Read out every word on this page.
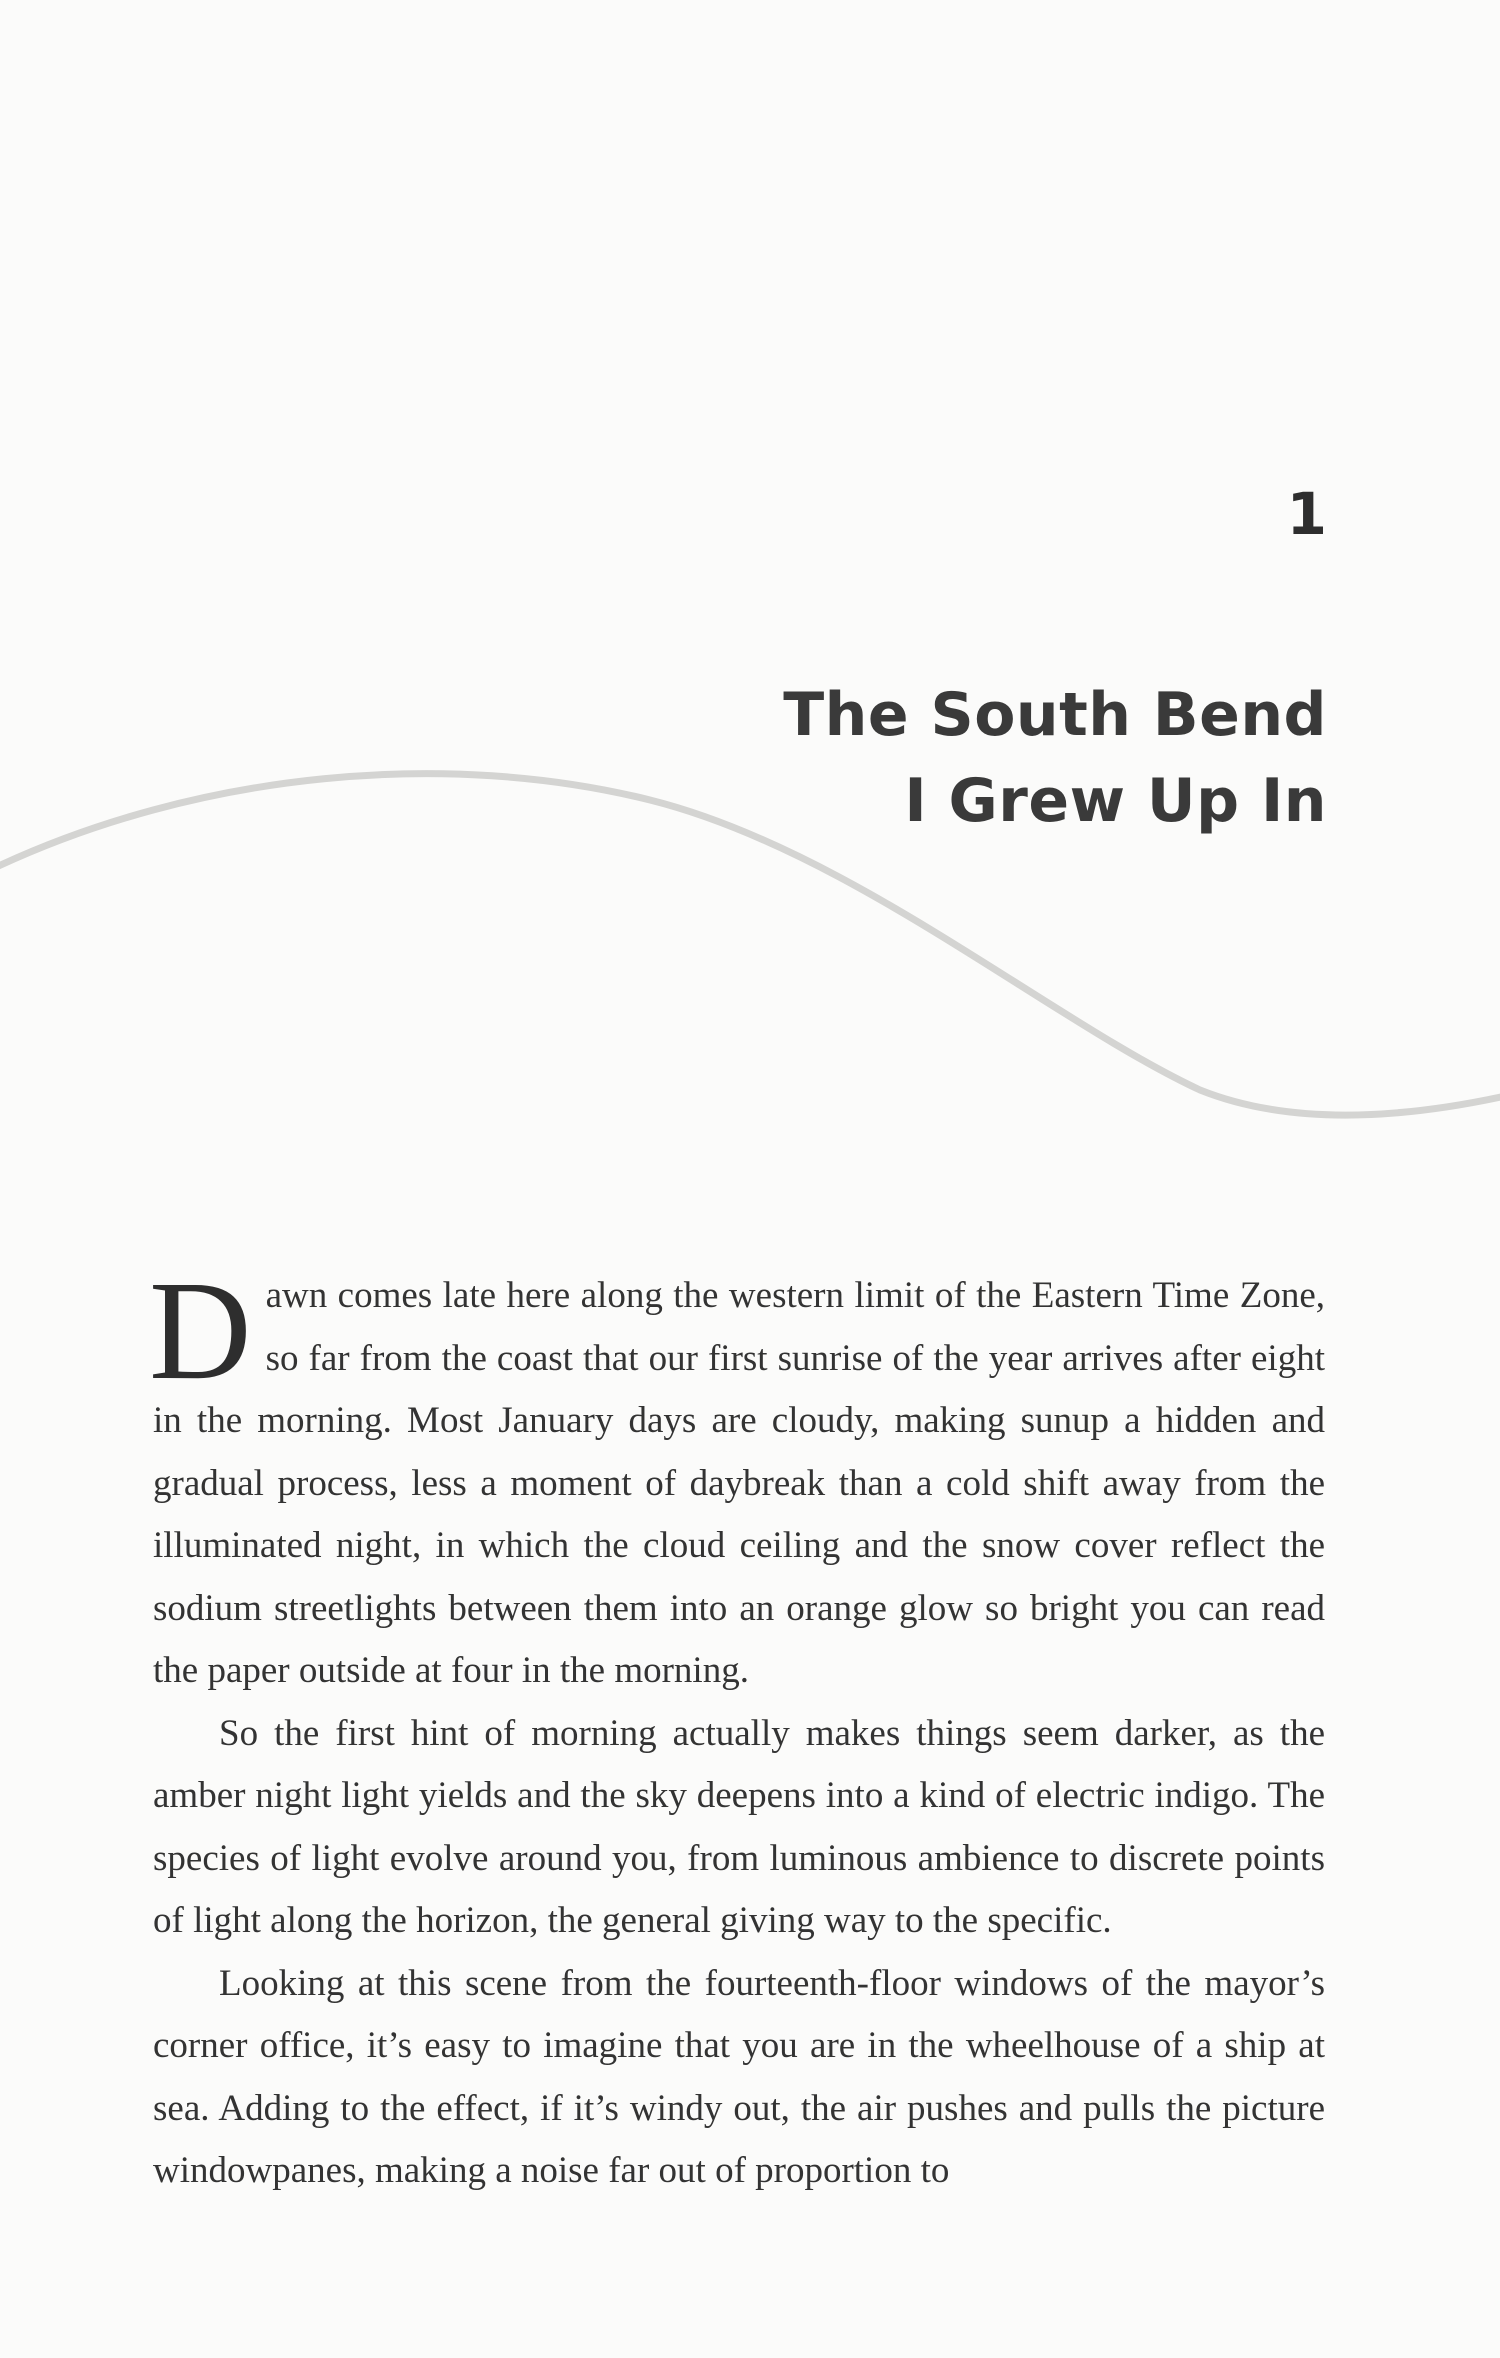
1
The South Bend
I Grew Up In

Dawn comes late here along the western limit of the Eastern Time Zone, so far from the coast that our first sunrise of the year arrives after eight in the morning. Most January days are cloudy, making sunup a hidden and gradual process, less a moment of daybreak than a cold shift away from the illuminated night, in which the cloud ceiling and the snow cover reflect the sodium streetlights between them into an orange glow so bright you can read the paper outside at four in the morning.

So the first hint of morning actually makes things seem darker, as the amber night light yields and the sky deepens into a kind of electric indigo. The species of light evolve around you, from luminous ambience to discrete points of light along the horizon, the general giving way to the specific.

Looking at this scene from the fourteenth-floor windows of the mayor’s corner office, it’s easy to imagine that you are in the wheelhouse of a ship at sea. Adding to the effect, if it’s windy out, the air pushes and pulls the picture windowpanes, making a noise far out of proportion to
